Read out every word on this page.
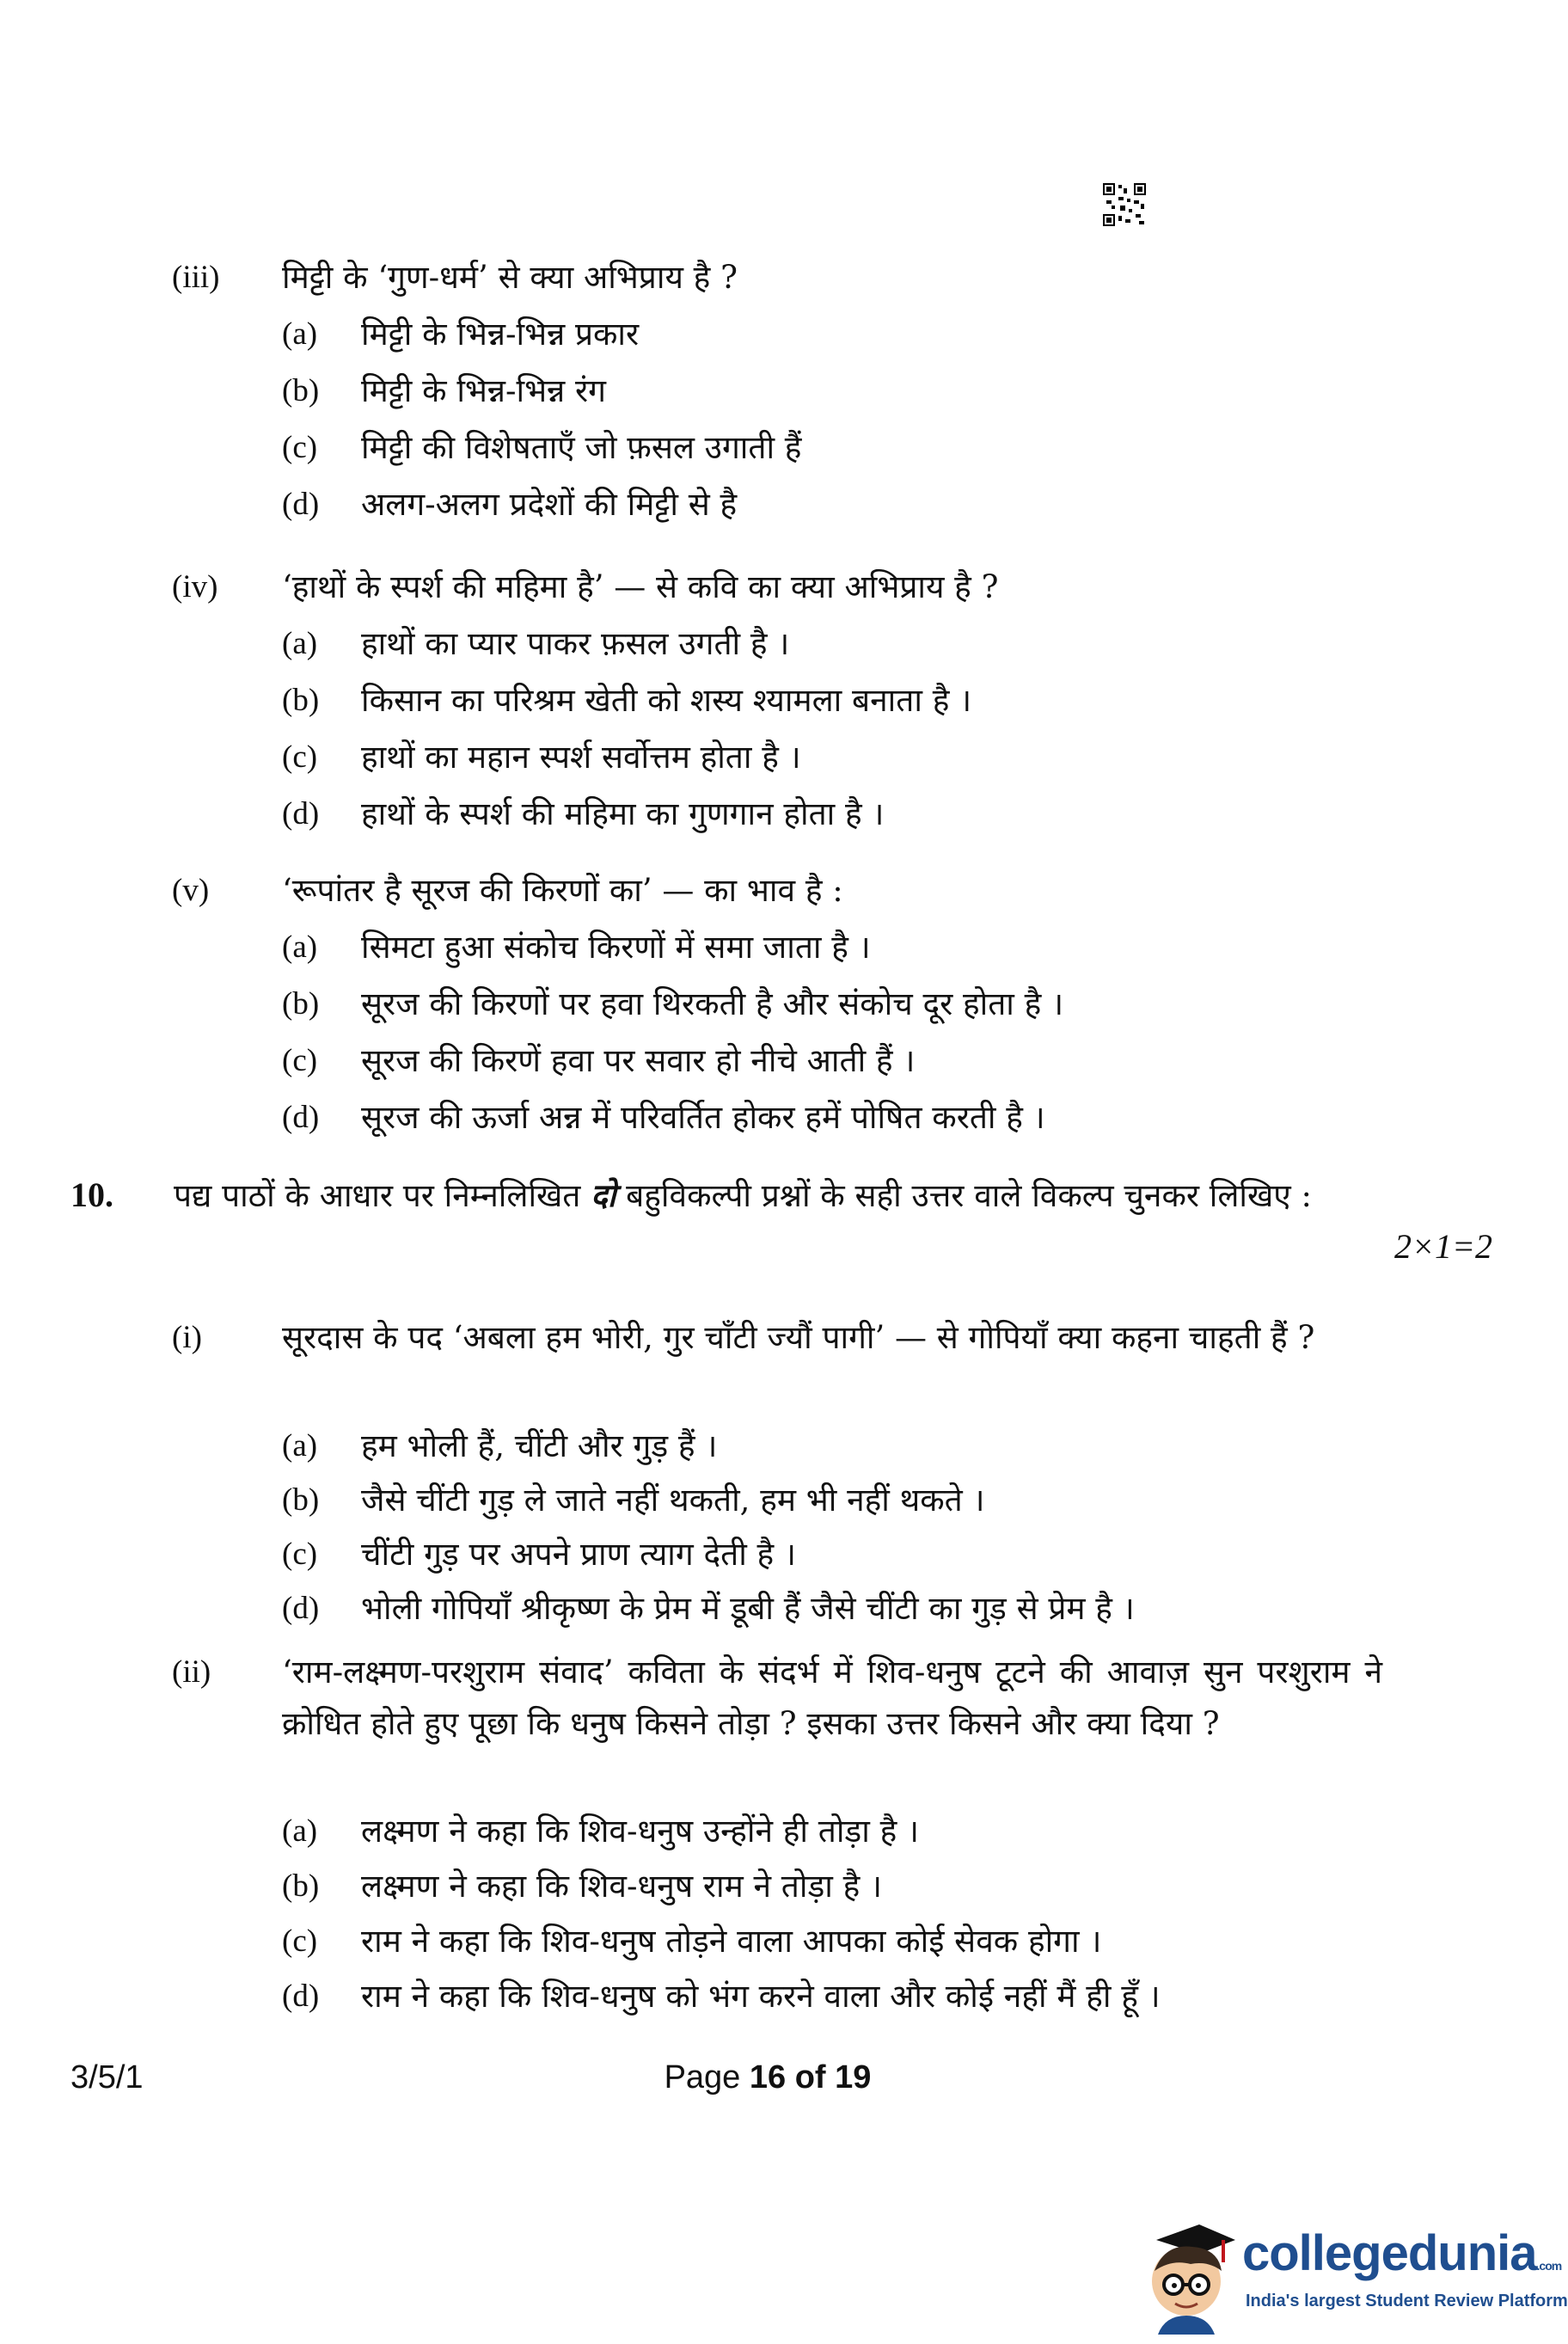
(iii)	मिट्टी के ‘गुण-धर्म’ से क्या अभिप्राय है ?
(a)	मिट्टी के भिन्न-भिन्न प्रकार
(b)	मिट्टी के भिन्न-भिन्न रंग
(c)	मिट्टी की विशेषताएँ जो फ़सल उगाती हैं
(d)	अलग-अलग प्रदेशों की मिट्टी से है
(iv)	‘हाथों के स्पर्श की महिमा है’ — से कवि का क्या अभिप्राय है ?
(a)	हाथों का प्यार पाकर फ़सल उगती है ।
(b)	किसान का परिश्रम खेती को शस्य श्यामला बनाता है ।
(c)	हाथों का महान स्पर्श सर्वोत्तम होता है ।
(d)	हाथों के स्पर्श की महिमा का गुणगान होता है ।
(v)	‘रूपांतर है सूरज की किरणों का’ — का भाव है :
(a)	सिमटा हुआ संकोच किरणों में समा जाता है ।
(b)	सूरज की किरणों पर हवा थिरकती है और संकोच दूर होता है ।
(c)	सूरज की किरणें हवा पर सवार हो नीचे आती हैं ।
(d)	सूरज की ऊर्जा अन्न में परिवर्तित होकर हमें पोषित करती है ।
10. पद्य पाठों के आधार पर निम्नलिखित दो बहुविकल्पी प्रश्नों के सही उत्तर वाले विकल्प चुनकर लिखिए :
2×1=2
(i)	सूरदास के पद ‘अबला हम भोरी, गुर चाँटी ज्यौं पागी’ — से गोपियाँ क्या कहना चाहती हैं ?
(a)	हम भोली हैं, चींटी और गुड़ हैं ।
(b)	जैसे चींटी गुड़ ले जाते नहीं थकती, हम भी नहीं थकते ।
(c)	चींटी गुड़ पर अपने प्राण त्याग देती है ।
(d)	भोली गोपियाँ श्रीकृष्ण के प्रेम में डूबी हैं जैसे चींटी का गुड़ से प्रेम है ।
(ii)	‘राम-लक्ष्मण-परशुराम संवाद’ कविता के संदर्भ में शिव-धनुष टूटने की आवाज़ सुन परशुराम ने क्रोधित होते हुए पूछा कि धनुष किसने तोड़ा ? इसका उत्तर किसने और क्या दिया ?
(a)	लक्ष्मण ने कहा कि शिव-धनुष उन्होंने ही तोड़ा है ।
(b)	लक्ष्मण ने कहा कि शिव-धनुष राम ने तोड़ा है ।
(c)	राम ने कहा कि शिव-धनुष तोड़ने वाला आपका कोई सेवक होगा ।
(d)	राम ने कहा कि शिव-धनुष को भंग करने वाला और कोई नहीं मैं ही हूँ ।
3/5/1	Page 16 of 19
collegedunia.com
India's largest Student Review Platform
